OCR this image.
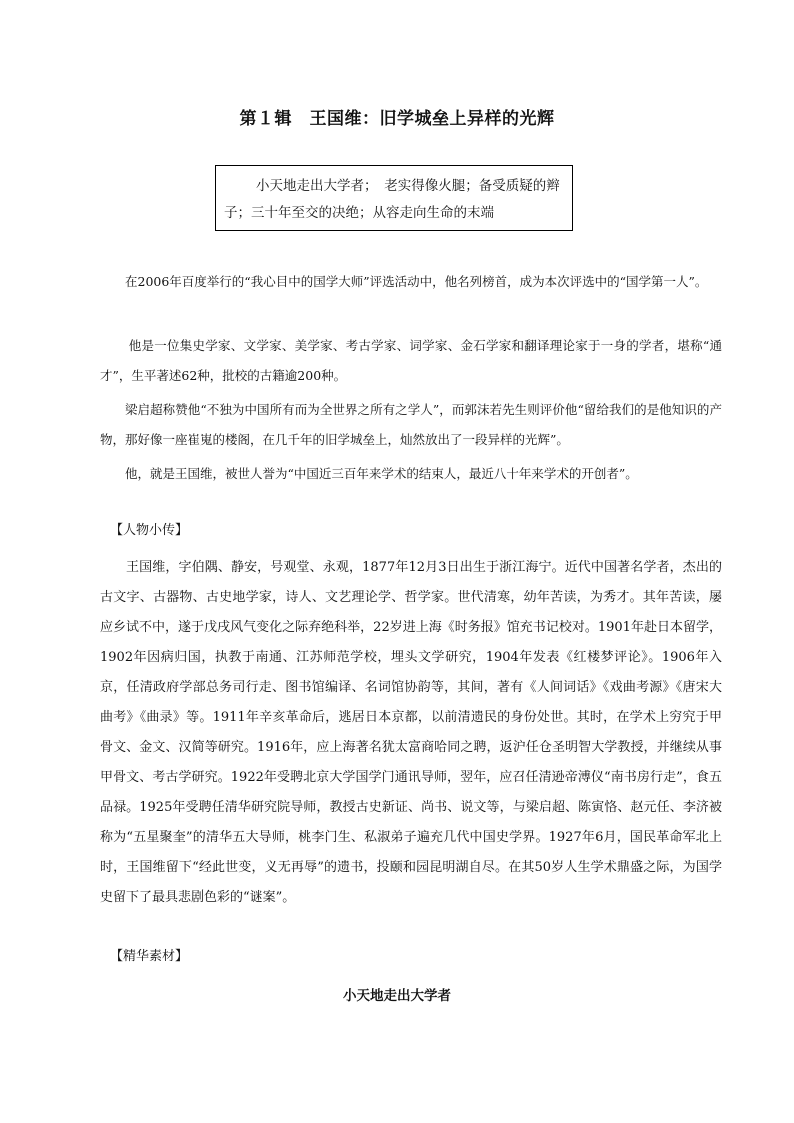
第１辑　王国维：旧学城垒上异样的光辉
小天地走出大学者；　老实得像火腿；备受质疑的辫
子；三十年至交的决绝；从容走向生命的末端

在2006年百度举行的“我心目中的国学大师”评选活动中，他名列榜首，成为本次评选中的“国学第一人”。

他是一位集史学家、文学家、美学家、考古学家、词学家、金石学家和翻译理论家于一身的学者，堪称“通才”，生平著述62种，批校的古籍逾200种。

梁启超称赞他“不独为中国所有而为全世界之所有之学人”，而郭沫若先生则评价他“留给我们的是他知识的产物，那好像一座崔嵬的楼阁，在几千年的旧学城垒上，灿然放出了一段异样的光辉”。

他，就是王国维，被世人誉为“中国近三百年来学术的结束人，最近八十年来学术的开创者”。

【人物小传】

王国维，字伯隅、静安，号观堂、永观，1877年12月3日出生于浙江海宁。近代中国著名学者，杰出的古文字、古器物、古史地学家，诗人、文艺理论学、哲学家。世代清寒，幼年苦读，为秀才。其年苦读，屡应乡试不中，遂于戊戌风气变化之际弃绝科举，22岁进上海《时务报》馆充书记校对。1901年赴日本留学，1902年因病归国，执教于南通、江苏师范学校，埋头文学研究，1904年发表《红楼梦评论》。1906年入京，任清政府学部总务司行走、图书馆编译、名词馆协韵等，其间，著有《人间词话》《戏曲考源》《唐宋大曲考》《曲录》等。1911年辛亥革命后，逃居日本京都，以前清遗民的身份处世。其时，在学术上穷究于甲骨文、金文、汉简等研究。1916年，应上海著名犹太富商哈同之聘，返沪任仓圣明智大学教授，并继续从事甲骨文、考古学研究。1922年受聘北京大学国学门通讯导师，翌年，应召任清逊帝溥仪“南书房行走”，食五品禄。1925年受聘任清华研究院导师，教授古史新证、尚书、说文等，与梁启超、陈寅恪、赵元任、李济被称为“五星聚奎”的清华五大导师，桃李门生、私淑弟子遍充几代中国史学界。1927年6月，国民革命军北上时，王国维留下“经此世变，义无再辱”的遗书，投颐和园昆明湖自尽。在其50岁人生学术鼎盛之际，为国学史留下了最具悲剧色彩的“谜案”。

【精华素材】

小天地走出大学者
